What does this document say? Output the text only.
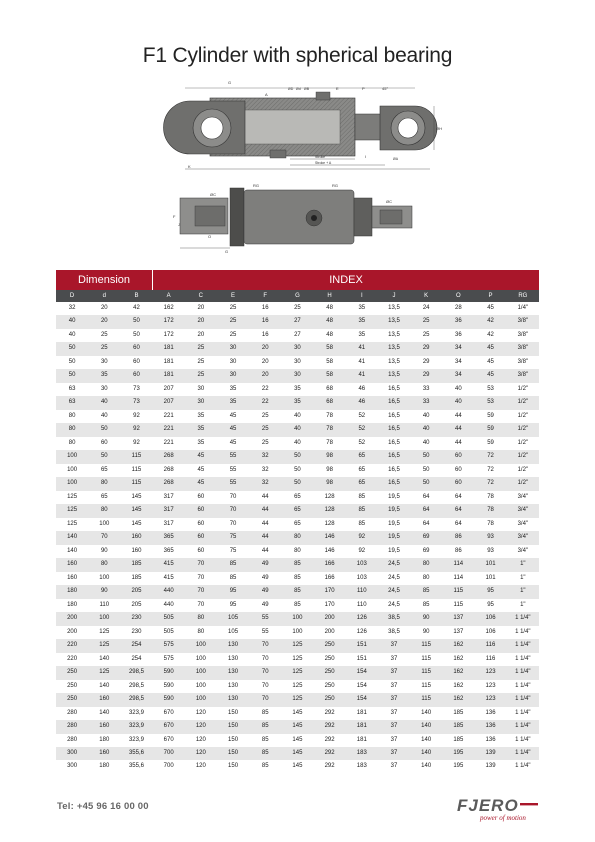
F1 Cylinder with spherical bearing
G
A
ØD Ød ØB	E	P	45°
ØH
Stroke
Stroke + A
I
K
ØA
RG	RG
ØC
ØC
O
F
J
G
Dimension			INDEX											
D	d	B	A	C	E	F	G	H	I	J	K	O	P	RG
32	20	42	162	20	25	16	25	48	35	13,5	24	28	45	1/4"
40	20	50	172	20	25	16	27	48	35	13,5	25	36	42	3/8"
40	25	50	172	20	25	16	27	48	35	13,5	25	36	42	3/8"
50	25	60	181	25	30	20	30	58	41	13,5	29	34	45	3/8"
50	30	60	181	25	30	20	30	58	41	13,5	29	34	45	3/8"
50	35	60	181	25	30	20	30	58	41	13,5	29	34	45	3/8"
63	30	73	207	30	35	22	35	68	46	16,5	33	40	53	1/2"
63	40	73	207	30	35	22	35	68	46	16,5	33	40	53	1/2"
80	40	92	221	35	45	25	40	78	52	16,5	40	44	59	1/2"
80	50	92	221	35	45	25	40	78	52	16,5	40	44	59	1/2"
80	60	92	221	35	45	25	40	78	52	16,5	40	44	59	1/2"
100	50	115	268	45	55	32	50	98	65	16,5	50	60	72	1/2"
100	65	115	268	45	55	32	50	98	65	16,5	50	60	72	1/2"
100	80	115	268	45	55	32	50	98	65	16,5	50	60	72	1/2"
125	65	145	317	60	70	44	65	128	85	19,5	64	64	78	3/4"
125	80	145	317	60	70	44	65	128	85	19,5	64	64	78	3/4"
125	100	145	317	60	70	44	65	128	85	19,5	64	64	78	3/4"
140	70	160	365	60	75	44	80	146	92	19,5	69	86	93	3/4"
140	90	160	365	60	75	44	80	146	92	19,5	69	86	93	3/4"
160	80	185	415	70	85	49	85	166	103	24,5	80	114	101	1"
160	100	185	415	70	85	49	85	166	103	24,5	80	114	101	1"
180	90	205	440	70	95	49	85	170	110	24,5	85	115	95	1"
180	110	205	440	70	95	49	85	170	110	24,5	85	115	95	1"
200	100	230	505	80	105	55	100	200	126	38,5	90	137	106	1 1/4"
200	125	230	505	80	105	55	100	200	126	38,5	90	137	106	1 1/4"
220	125	254	575	100	130	70	125	250	151	37	115	162	116	1 1/4"
220	140	254	575	100	130	70	125	250	151	37	115	162	116	1 1/4"
250	125	298,5	590	100	130	70	125	250	154	37	115	162	123	1 1/4"
250	140	298,5	590	100	130	70	125	250	154	37	115	162	123	1 1/4"
250	160	298,5	590	100	130	70	125	250	154	37	115	162	123	1 1/4"
280	140	323,9	670	120	150	85	145	292	181	37	140	185	136	1 1/4"
280	160	323,9	670	120	150	85	145	292	181	37	140	185	136	1 1/4"
280	180	323,9	670	120	150	85	145	292	181	37	140	185	136	1 1/4"
300	160	355,6	700	120	150	85	145	292	183	37	140	195	139	1 1/4"
300	180	355,6	700	120	150	85	145	292	183	37	140	195	139	1 1/4"
Tel: +45 96 16 00 00	FJERO
power of motion
